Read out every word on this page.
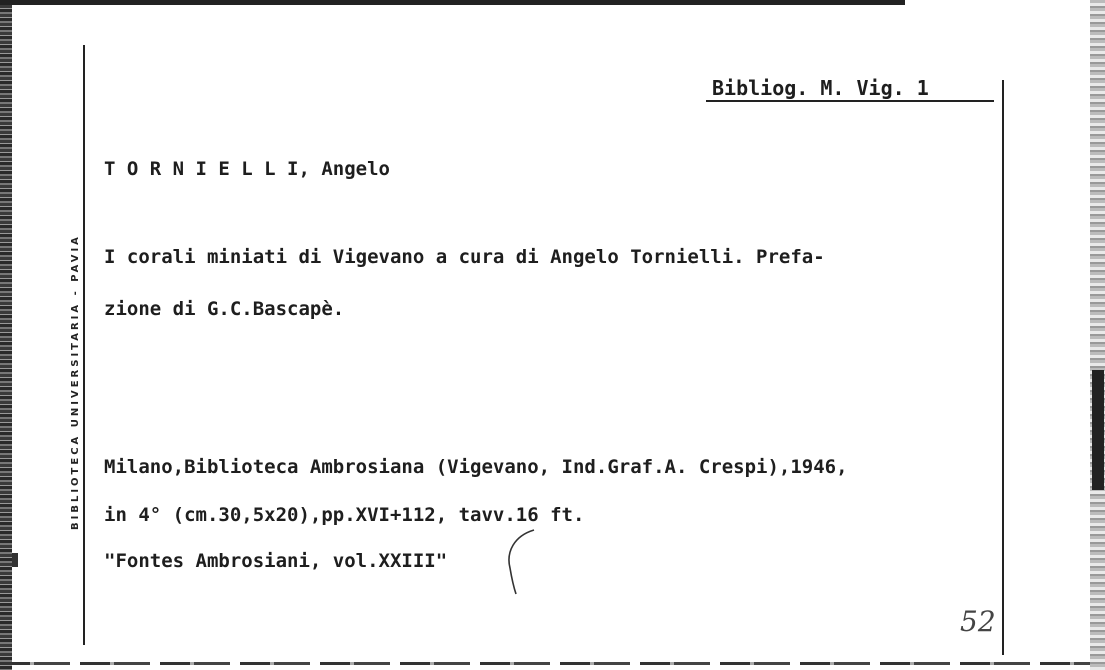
BIBLIOTECA UNIVERSITARIA - PAVIA
Bibliog. M. Vig. 1
T O R N I E L L I, Angelo
I corali miniati di Vigevano a cura di Angelo Tornielli. Prefa-
zione di G.C.Bascapè.
Milano,Biblioteca Ambrosiana (Vigevano, Ind.Graf.A. Crespi),1946,
in 4° (cm.30,5x20),pp.XVI+112, tavv.16 ft.
"Fontes Ambrosiani, vol.XXIII"
52
